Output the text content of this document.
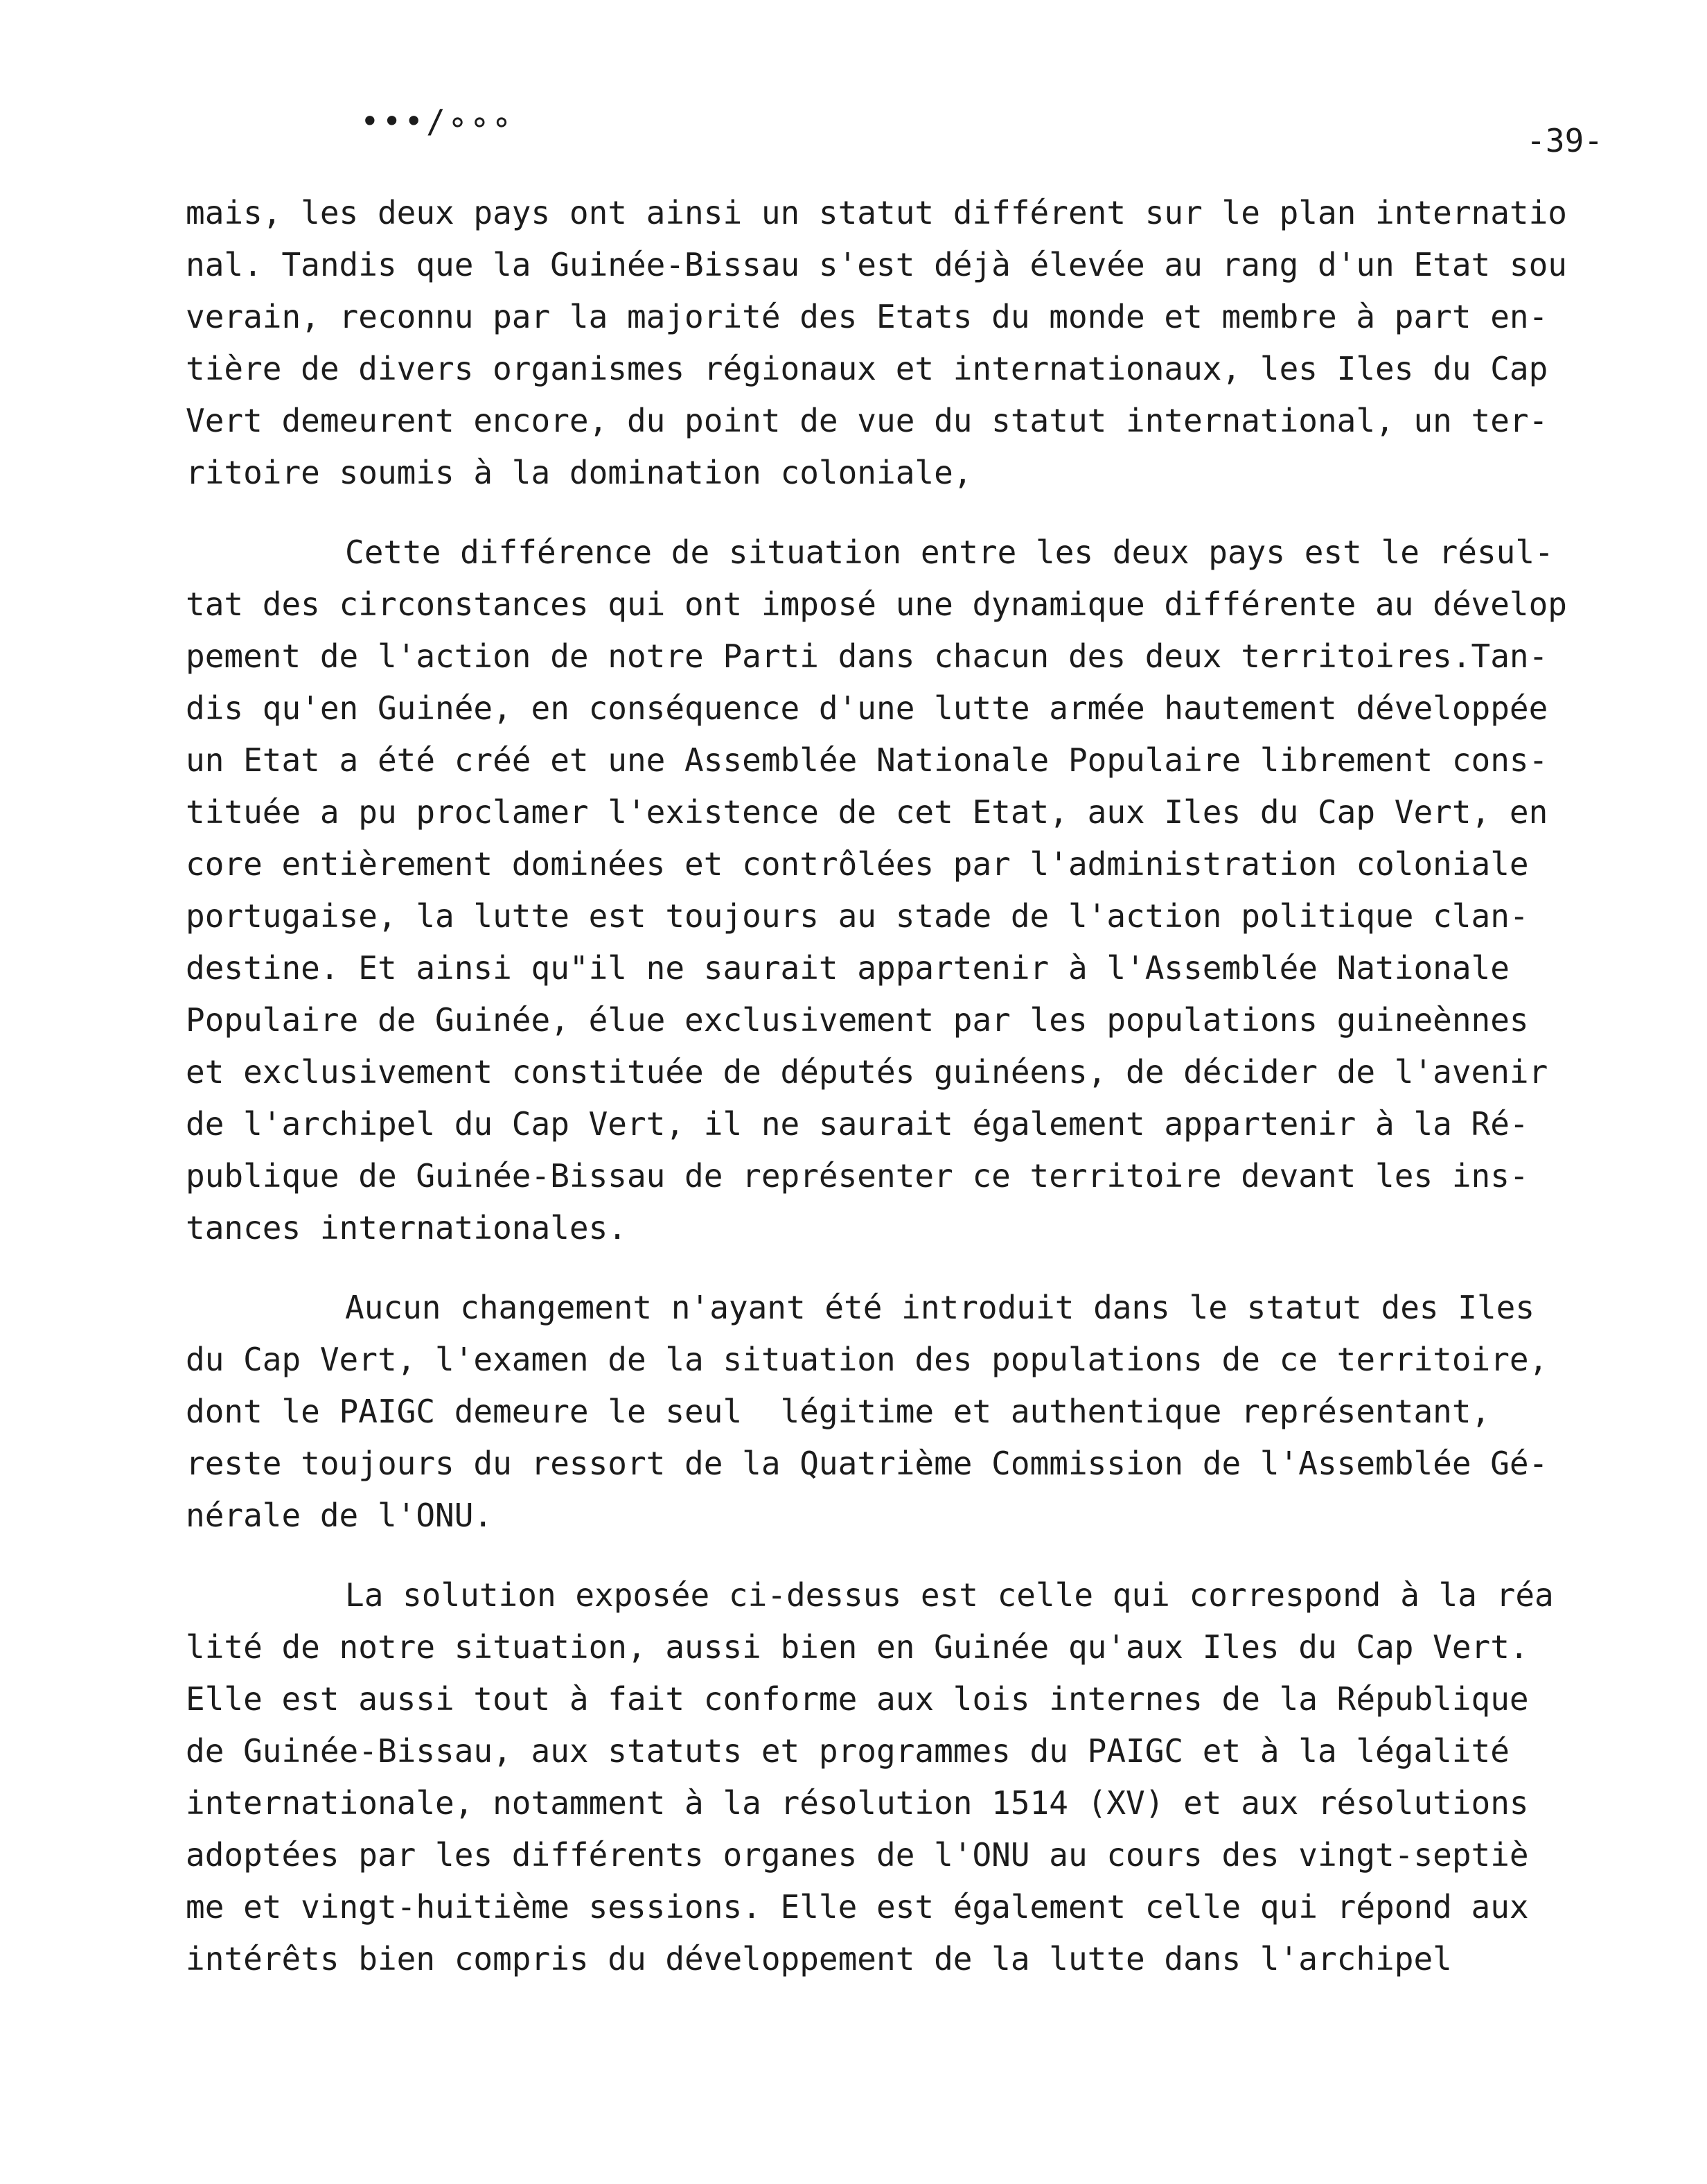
•••/∘∘∘
-39-
mais, les deux pays ont ainsi un statut différent sur le plan internatio
nal. Tandis que la Guinée-Bissau s'est déjà élevée au rang d'un Etat sou
verain, reconnu par la majorité des Etats du monde et membre à part en-
tière de divers organismes régionaux et internationaux, les Iles du Cap
Vert demeurent encore, du point de vue du statut international, un ter-
ritoire soumis à la domination coloniale,
Cette différence de situation entre les deux pays est le résul-
tat des circonstances qui ont imposé une dynamique différente au dévelop
pement de l'action de notre Parti dans chacun des deux territoires.Tan-
dis qu'en Guinée, en conséquence d'une lutte armée hautement développée
un Etat a été créé et une Assemblée Nationale Populaire librement cons-
tituée a pu proclamer l'existence de cet Etat, aux Iles du Cap Vert, en
core entièrement dominées et contrôlées par l'administration coloniale
portugaise, la lutte est toujours au stade de l'action politique clan-
destine. Et ainsi qu"il ne saurait appartenir à l'Assemblée Nationale
Populaire de Guinée, élue exclusivement par les populations guineènnes
et exclusivement constituée de députés guinéens, de décider de l'avenir
de l'archipel du Cap Vert, il ne saurait également appartenir à la Ré-
publique de Guinée-Bissau de représenter ce territoire devant les ins-
tances internationales.
Aucun changement n'ayant été introduit dans le statut des Iles
du Cap Vert, l'examen de la situation des populations de ce territoire,
dont le PAIGC demeure le seul  légitime et authentique représentant,
reste toujours du ressort de la Quatrième Commission de l'Assemblée Gé-
nérale de l'ONU.
La solution exposée ci-dessus est celle qui correspond à la réa
lité de notre situation, aussi bien en Guinée qu'aux Iles du Cap Vert.
Elle est aussi tout à fait conforme aux lois internes de la République
de Guinée-Bissau, aux statuts et programmes du PAIGC et à la légalité
internationale, notamment à la résolution 1514 (XV) et aux résolutions
adoptées par les différents organes de l'ONU au cours des vingt-septiè
me et vingt-huitième sessions. Elle est également celle qui répond aux
intérêts bien compris du développement de la lutte dans l'archipel
